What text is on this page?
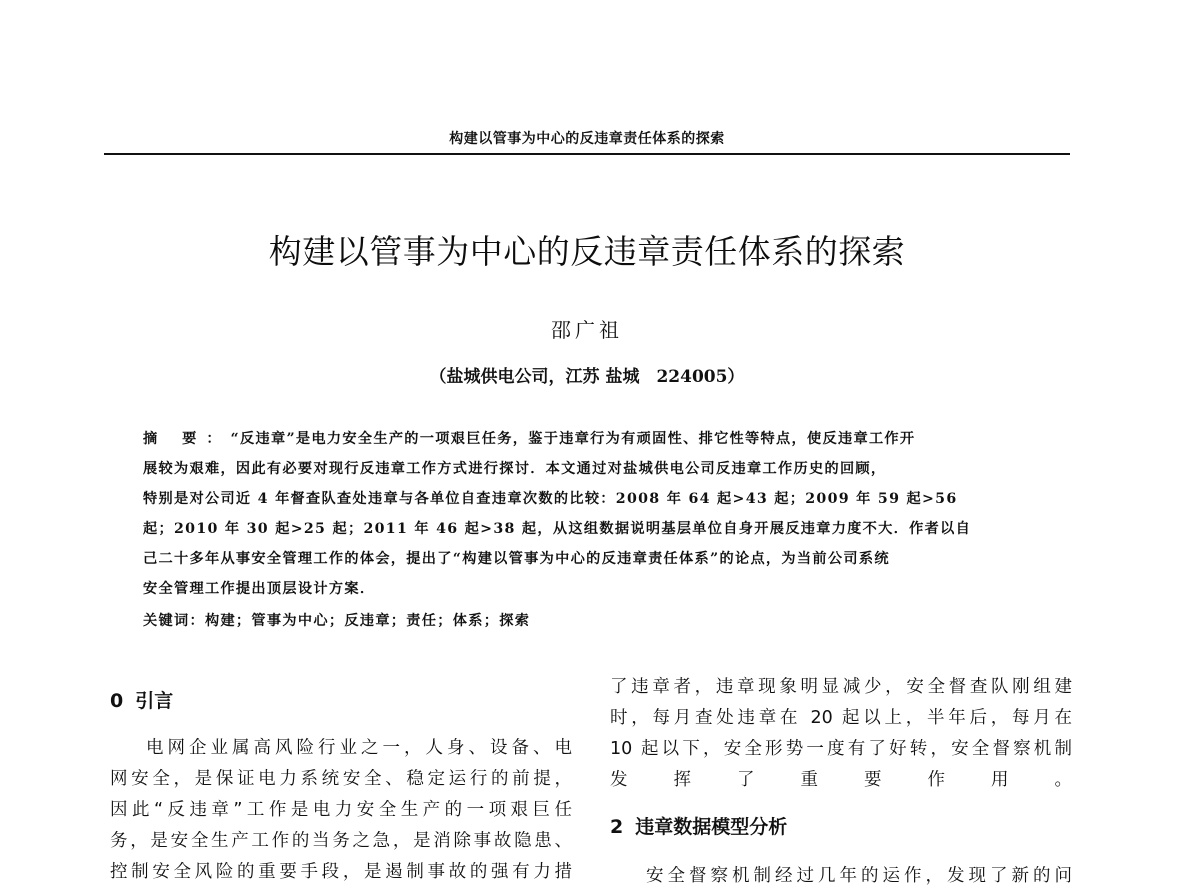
构建以管事为中心的反违章责任体系的探索
构建以管事为中心的反违章责任体系的探索
邵广祖
（盐城供电公司，江苏 盐城　224005）
摘 要：“反违章”是电力安全生产的一项艰巨任务，鉴于违章行为有顽固性、排它性等特点，使反违章工作开
展较为艰难，因此有必要对现行反违章工作方式进行探讨．本文通过对盐城供电公司反违章工作历史的回顾，
特别是对公司近 4 年督查队查处违章与各单位自查违章次数的比较：2008 年 64 起>43 起；2009 年 59 起>56
起；2010 年 30 起>25 起；2011 年 46 起>38 起，从这组数据说明基层单位自身开展反违章力度不大．作者以自
己二十多年从事安全管理工作的体会，提出了“构建以管事为中心的反违章责任体系”的论点，为当前公司系统
安全管理工作提出顶层设计方案．
关键词：构建；管事为中心；反违章；责任；体系；探索
0 引言
电网企业属高风险行业之一，人身、设备、电
网安全，是保证电力系统安全、稳定运行的前提，
因此“反违章”工作是电力安全生产的一项艰巨任
务，是安全生产工作的当务之急，是消除事故隐患、
控制安全风险的重要手段，是遏制事故的强有力措
了违章者，违章现象明显减少，安全督查队刚组建
时，每月查处违章在 20 起以上，半年后，每月在
10 起以下，安全形势一度有了好转，安全督察机制
发挥了重要作用。
2 违章数据模型分析
安全督察机制经过几年的运作，发现了新的问
